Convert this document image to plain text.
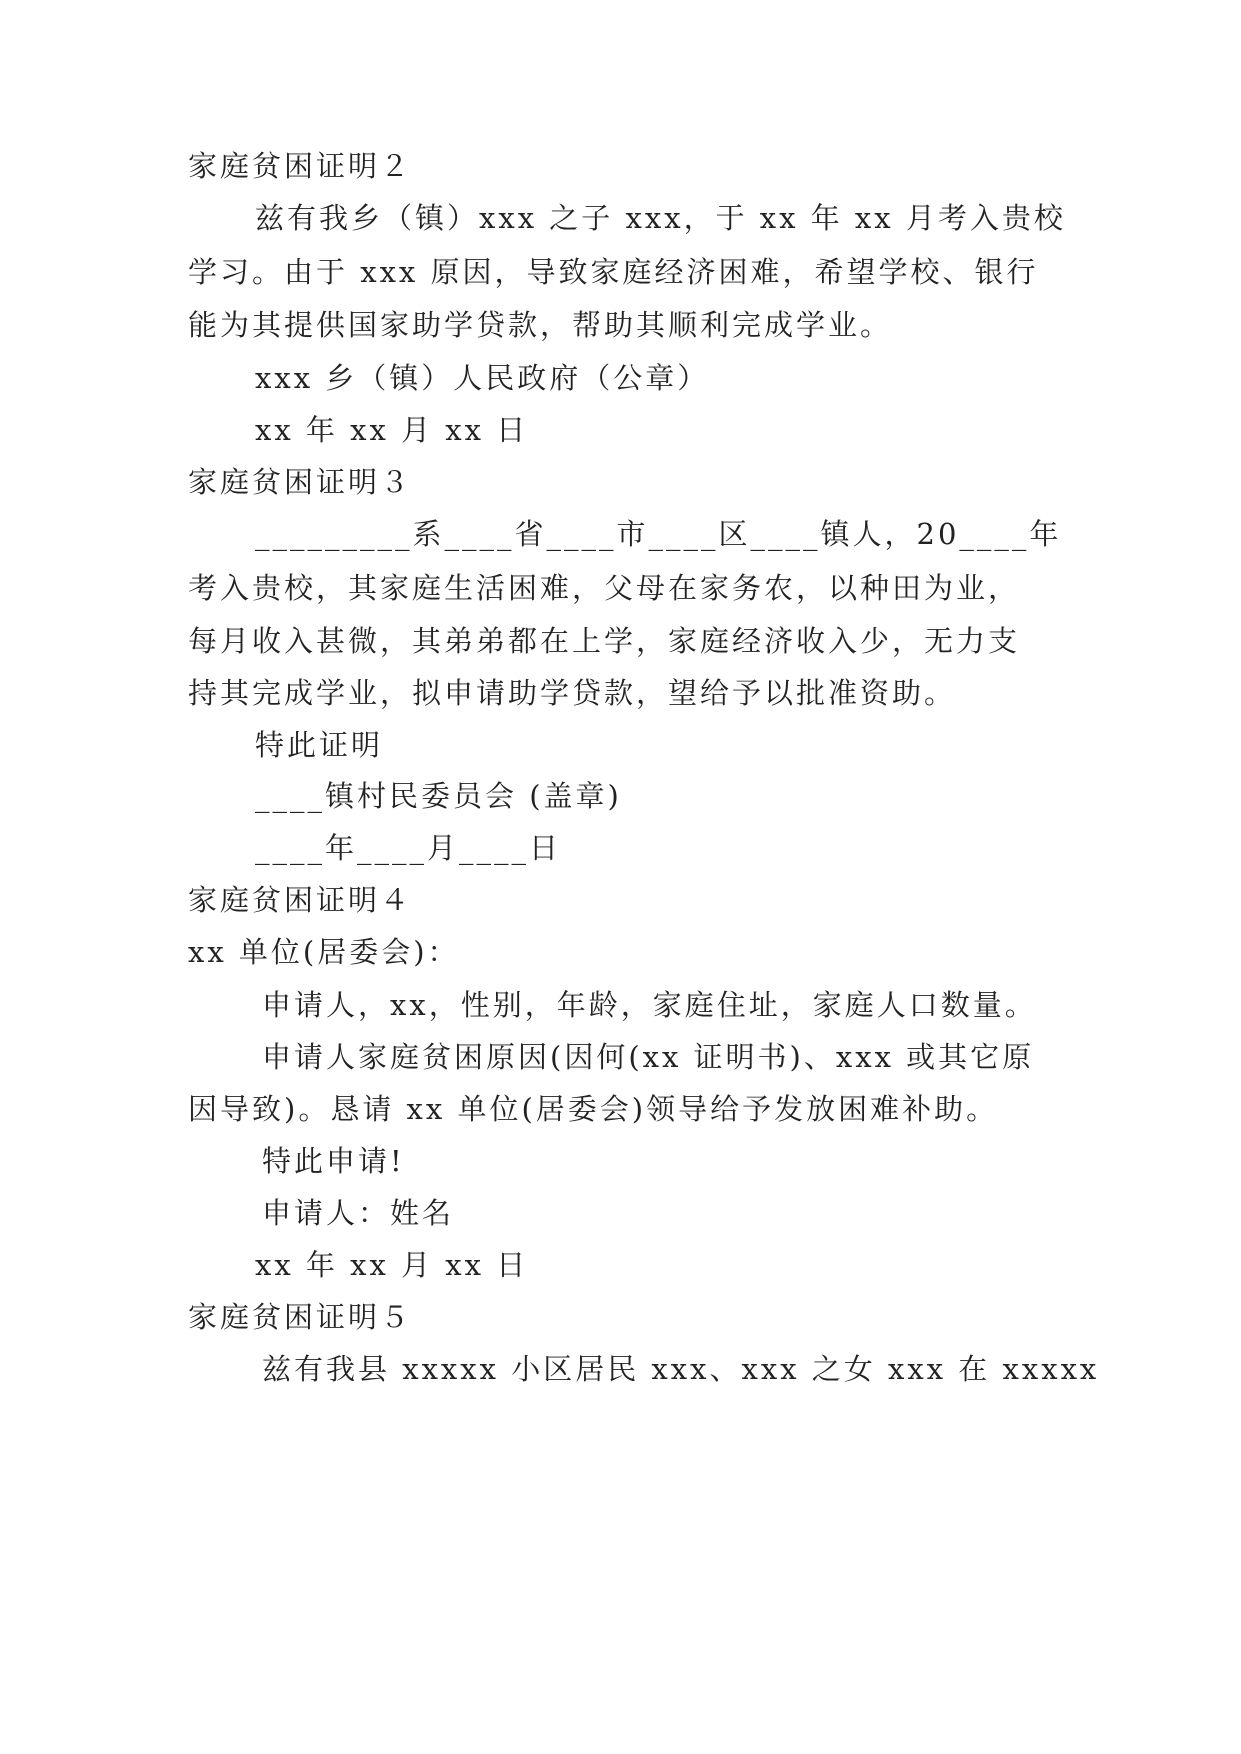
家庭贫困证明２
兹有我乡（镇）xxx 之子 xxx，于 xx 年 xx 月考入贵校
学习。由于 xxx 原因，导致家庭经济困难，希望学校、银行
能为其提供国家助学贷款，帮助其顺利完成学业。
xxx 乡（镇）人民政府（公章）
xx 年 xx 月 xx 日
家庭贫困证明３
_________系____省____市____区____镇人，20____年
考入贵校，其家庭生活困难，父母在家务农，以种田为业，
每月收入甚微，其弟弟都在上学，家庭经济收入少，无力支
持其完成学业，拟申请助学贷款，望给予以批准资助。
特此证明
____镇村民委员会 (盖章)
____年____月____日
家庭贫困证明４
xx 单位(居委会)：
申请人，xx，性别，年龄，家庭住址，家庭人口数量。
申请人家庭贫困原因(因何(xx 证明书)、xxx 或其它原
因导致)。恳请 xx 单位(居委会)领导给予发放困难补助。
特此申请!
申请人：姓名
xx 年 xx 月 xx 日
家庭贫困证明５
兹有我县 xxxxx 小区居民 xxx、xxx 之女 xxx 在 xxxxx
